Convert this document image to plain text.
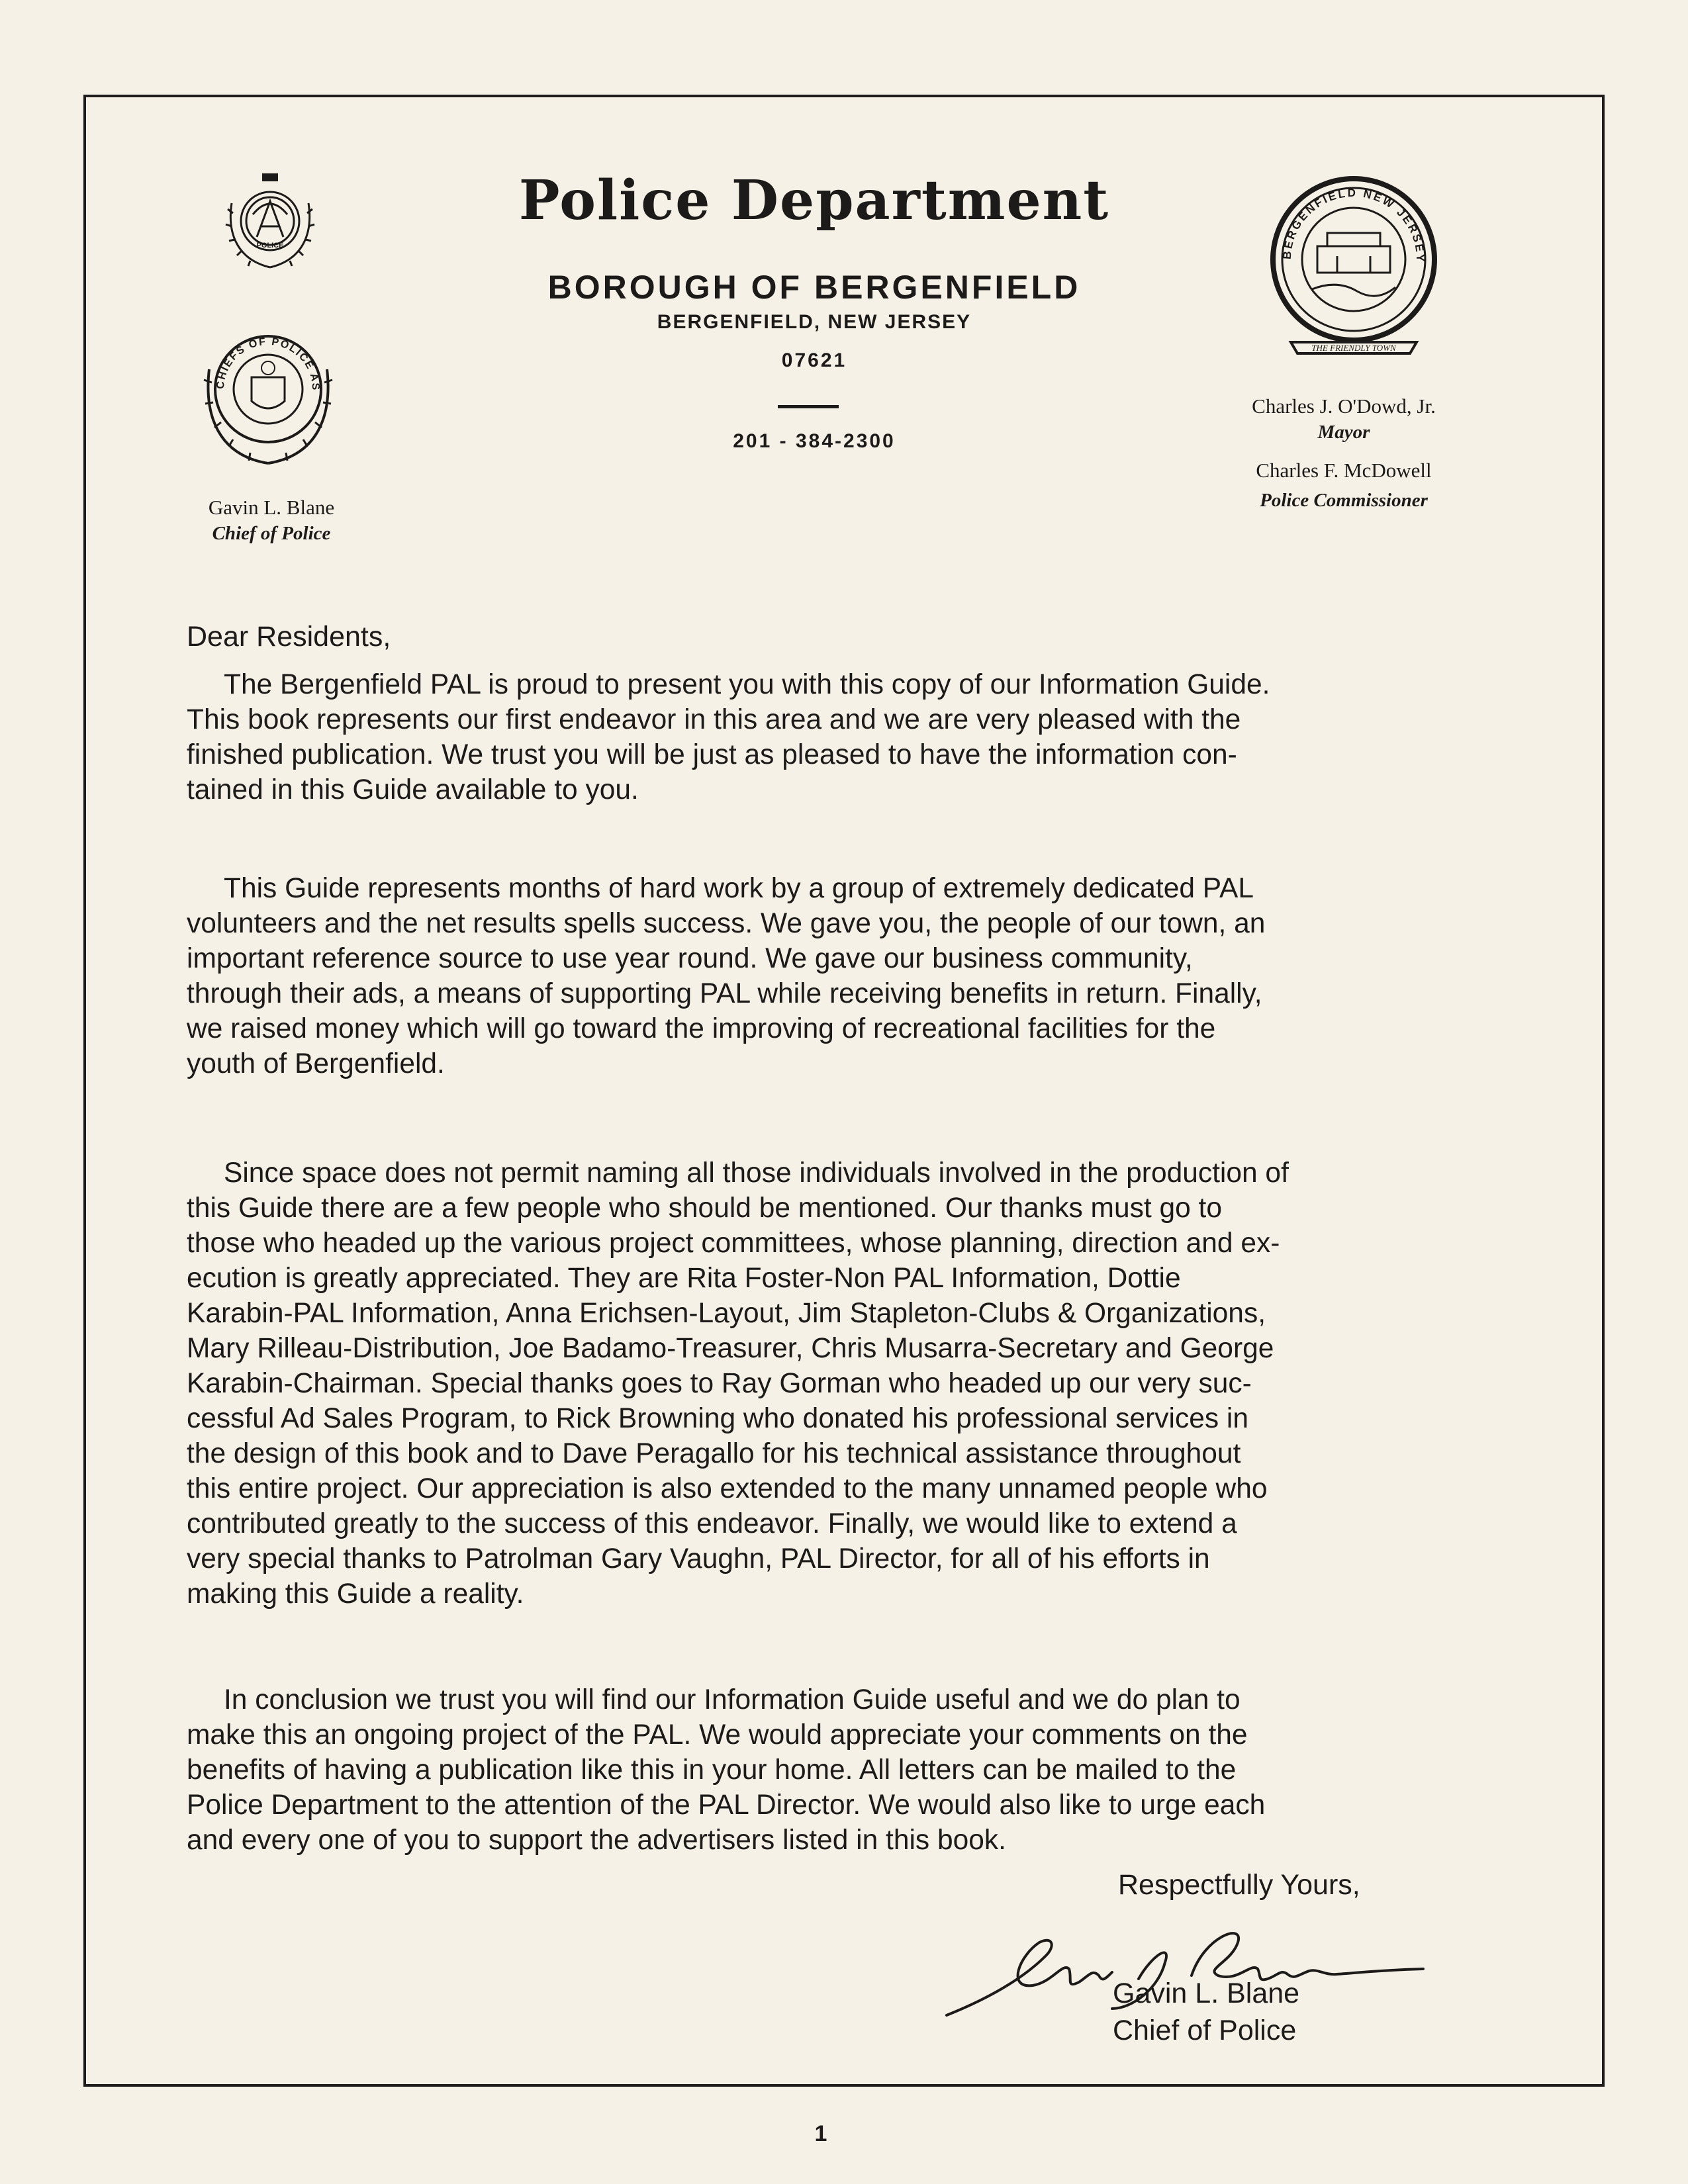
POLICE
CHIEFS OF POLICE ASSN OF N.J.
BERGENFIELD NEW JERSEY
THE FRIENDLY TOWN
Police Department
BOROUGH OF BERGENFIELD
BERGENFIELD, NEW JERSEY
07621
201 - 384-2300
Gavin L. Blane
Chief of Police
Charles J. O'Dowd, Jr.
Mayor
Charles F. McDowell
Police Commissioner
Dear Residents,

The Bergenfield PAL is proud to present you with this copy of our Information Guide.

This book represents our first endeavor in this area and we are very pleased with the

finished publication. We trust you will be just as pleased to have the information con-

tained in this Guide available to you.

This Guide represents months of hard work by a group of extremely dedicated PAL

volunteers and the net results spells success. We gave you, the people of our town, an

important reference source to use year round. We gave our business community,

through their ads, a means of supporting PAL while receiving benefits in return. Finally,

we raised money which will go toward the improving of recreational facilities for the

youth of Bergenfield.

Since space does not permit naming all those individuals involved in the production of

this Guide there are a few people who should be mentioned. Our thanks must go to

those who headed up the various project committees, whose planning, direction and ex-

ecution is greatly appreciated. They are Rita Foster-Non PAL Information, Dottie

Karabin-PAL Information, Anna Erichsen-Layout, Jim Stapleton-Clubs & Organizations,

Mary Rilleau-Distribution, Joe Badamo-Treasurer, Chris Musarra-Secretary and George

Karabin-Chairman. Special thanks goes to Ray Gorman who headed up our very suc-

cessful Ad Sales Program, to Rick Browning who donated his professional services in

the design of this book and to Dave Peragallo for his technical assistance throughout

this entire project. Our appreciation is also extended to the many unnamed people who

contributed greatly to the success of this endeavor. Finally, we would like to extend a

very special thanks to Patrolman Gary Vaughn, PAL Director, for all of his efforts in

making this Guide a reality.

In conclusion we trust you will find our Information Guide useful and we do plan to

make this an ongoing project of the PAL. We would appreciate your comments on the

benefits of having a publication like this in your home. All letters can be mailed to the

Police Department to the attention of the PAL Director. We would also like to urge each

and every one of you to support the advertisers listed in this book.

Respectfully Yours,
Gavin L. Blane
Chief of Police
1
